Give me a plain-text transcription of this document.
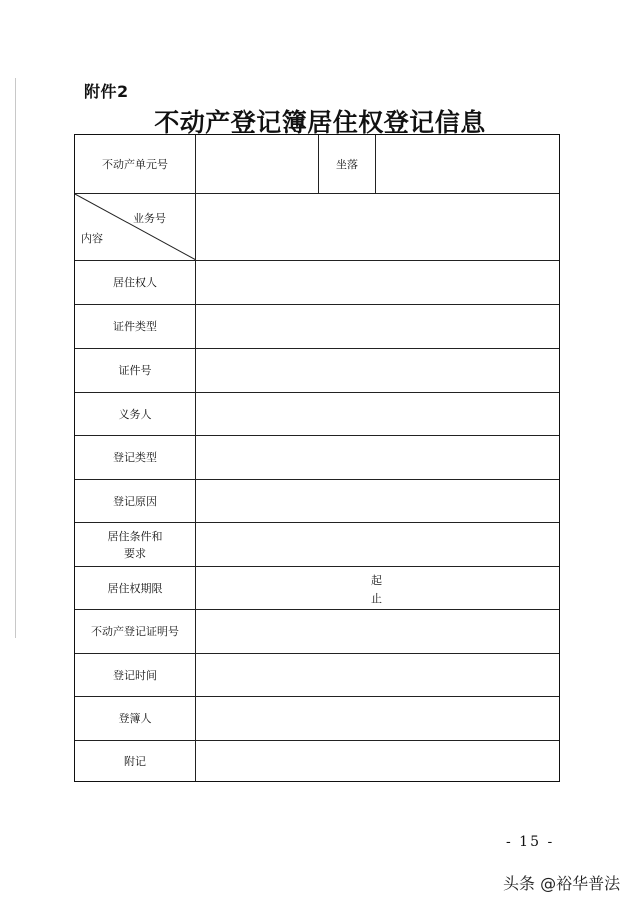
附件2
不动产登记簿居住权登记信息
不动产单元号	坐落
业务号
内容
居住权人
证件类型
证件号
义务人
登记类型
登记原因
居住条件和
要求
居住权期限
起
止
不动产登记证明号
登记时间
登簿人
附记
- 15 -
头条 @裕华普法
